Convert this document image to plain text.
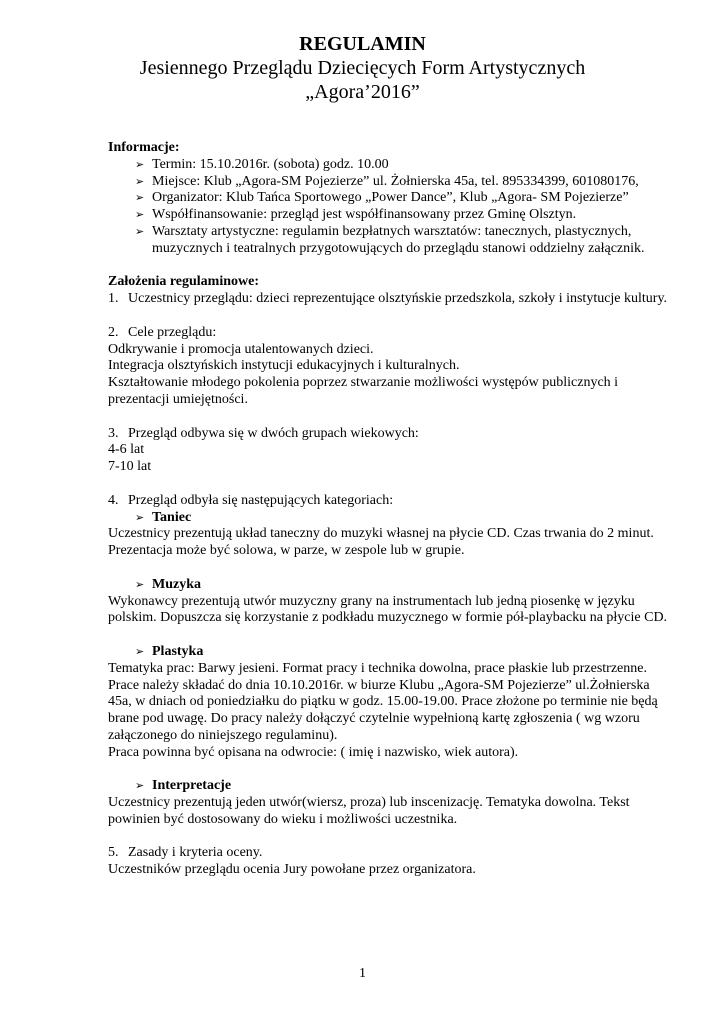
REGULAMIN
Jesiennego Przeglądu Dziecięcych Form Artystycznych
„Agora’2016”
Informacje:
➢ Termin: 15.10.2016r. (sobota) godz. 10.00
➢ Miejsce: Klub „Agora-SM Pojezierze” ul. Żołnierska 45a, tel. 895334399, 601080176,
➢ Organizator: Klub Tańca Sportowego „Power Dance”, Klub „Agora- SM Pojezierze”
➢ Współfinansowanie: przegląd jest współfinansowany przez Gminę Olsztyn.
➢ Warsztaty artystyczne: regulamin bezpłatnych warsztatów: tanecznych, plastycznych, muzycznych i teatralnych przygotowujących do przeglądu stanowi oddzielny załącznik.
Założenia regulaminowe:
1. Uczestnicy przeglądu: dzieci reprezentujące olsztyńskie przedszkola, szkoły i instytucje kultury.
2. Cele przeglądu:
Odkrywanie i promocja utalentowanych dzieci.
Integracja olsztyńskich instytucji edukacyjnych i kulturalnych.
Kształtowanie młodego pokolenia poprzez stwarzanie możliwości występów publicznych i prezentacji umiejętności.
3. Przegląd odbywa się w dwóch grupach wiekowych:
4-6 lat
7-10 lat
4. Przegląd odbyła się następujących kategoriach:
➢ Taniec
Uczestnicy prezentują układ taneczny do muzyki własnej na płycie CD. Czas trwania do 2 minut. Prezentacja może być solowa, w parze, w zespole lub w grupie.
➢ Muzyka
Wykonawcy prezentują utwór muzyczny grany na instrumentach lub jedną piosenkę w języku polskim. Dopuszcza się korzystanie z podkładu muzycznego w formie pół-playbacku na płycie CD.
➢ Plastyka
Tematyka prac: Barwy jesieni. Format pracy i technika dowolna, prace płaskie lub przestrzenne.
Prace należy składać do dnia 10.10.2016r. w biurze Klubu „Agora-SM Pojezierze” ul.Żołnierska 45a, w dniach od poniedziałku do piątku w godz. 15.00-19.00. Prace złożone po terminie nie będą brane pod uwagę. Do pracy należy dołączyć czytelnie wypełnioną kartę zgłoszenia ( wg wzoru załączonego do niniejszego regulaminu).
Praca powinna być opisana na odwrocie: ( imię i nazwisko, wiek autora).
➢ Interpretacje
Uczestnicy prezentują jeden utwór(wiersz, proza) lub inscenizację. Tematyka dowolna. Tekst powinien być dostosowany do wieku i możliwości uczestnika.
5. Zasady i kryteria oceny.
Uczestników przeglądu ocenia Jury powołane przez organizatora.
1
